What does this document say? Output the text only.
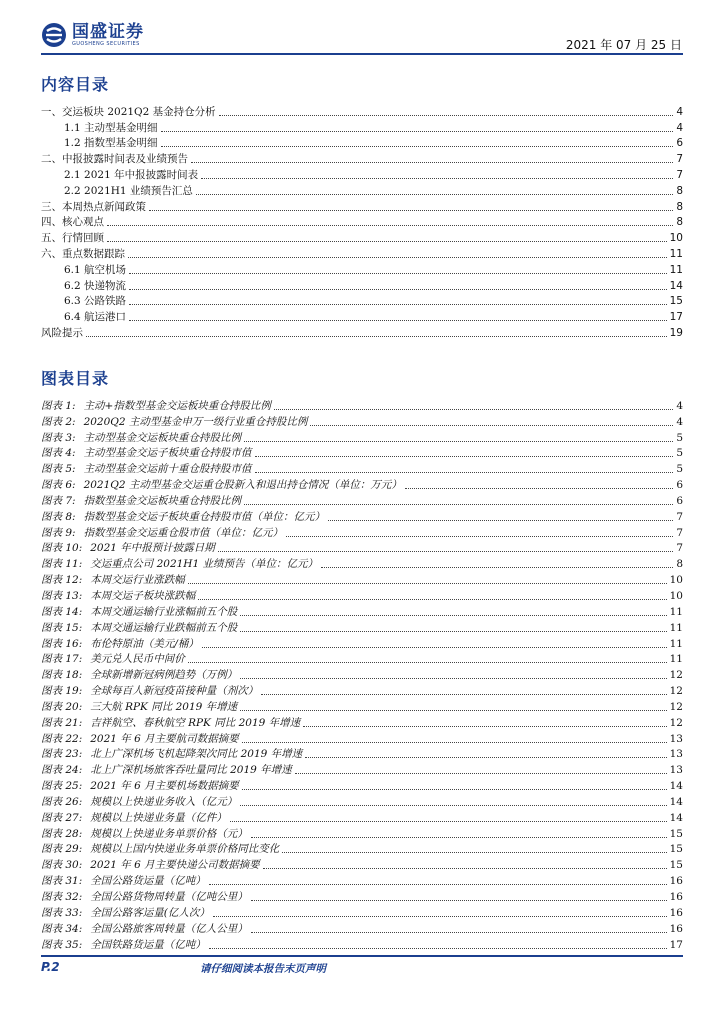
国盛证券
GUOSHENG SECURITIES	2021 年 07 月 25 日
内容目录
一、交运板块 2021Q2 基金持仓分析	4
1.1 主动型基金明细	4
1.2 指数型基金明细	6
二、中报披露时间表及业绩预告	7
2.1 2021 年中报披露时间表	7
2.2 2021H1 业绩预告汇总	8
三、本周热点新闻政策	8
四、核心观点	8
五、行情回顾	10
六、重点数据跟踪	11
6.1 航空机场	11
6.2 快递物流	14
6.3 公路铁路	15
6.4 航运港口	17
风险提示	19
图表目录
图表 1: 主动+指数型基金交运板块重仓持股比例	4
图表 2: 2020Q2 主动型基金申万一级行业重仓持股比例	4
图表 3: 主动型基金交运板块重仓持股比例	5
图表 4: 主动型基金交运子板块重仓持股市值	5
图表 5: 主动型基金交运前十重仓股持股市值	5
图表 6: 2021Q2 主动型基金交运重仓股新入和退出持仓情况（单位：万元）	6
图表 7: 指数型基金交运板块重仓持股比例	6
图表 8: 指数型基金交运子板块重仓持股市值（单位：亿元）	7
图表 9: 指数型基金交运重仓股市值（单位：亿元）	7
图表 10: 2021 年中报预计披露日期	7
图表 11: 交运重点公司 2021H1 业绩预告（单位：亿元）	8
图表 12: 本周交运行业涨跌幅	10
图表 13: 本周交运子板块涨跌幅	10
图表 14: 本周交通运输行业涨幅前五个股	11
图表 15: 本周交通运输行业跌幅前五个股	11
图表 16: 布伦特原油（美元/桶）	11
图表 17: 美元兑人民币中间价	11
图表 18: 全球新增新冠病例趋势（万例）	12
图表 19: 全球每百人新冠疫苗接种量（剂次）	12
图表 20: 三大航 RPK 同比 2019 年增速	12
图表 21: 吉祥航空、春秋航空 RPK 同比 2019 年增速	12
图表 22: 2021 年 6 月主要航司数据摘要	13
图表 23: 北上广深机场飞机起降架次同比 2019 年增速	13
图表 24: 北上广深机场旅客吞吐量同比 2019 年增速	13
图表 25: 2021 年 6 月主要机场数据摘要	14
图表 26: 规模以上快递业务收入（亿元）	14
图表 27: 规模以上快递业务量（亿件）	14
图表 28: 规模以上快递业务单票价格（元）	15
图表 29: 规模以上国内快递业务单票价格同比变化	15
图表 30: 2021 年 6 月主要快递公司数据摘要	15
图表 31: 全国公路货运量（亿吨）	16
图表 32: 全国公路货物周转量（亿吨公里）	16
图表 33: 全国公路客运量(亿人次）	16
图表 34: 全国公路旅客周转量（亿人公里）	16
图表 35: 全国铁路货运量（亿吨）	17
P.2	请仔细阅读本报告末页声明
